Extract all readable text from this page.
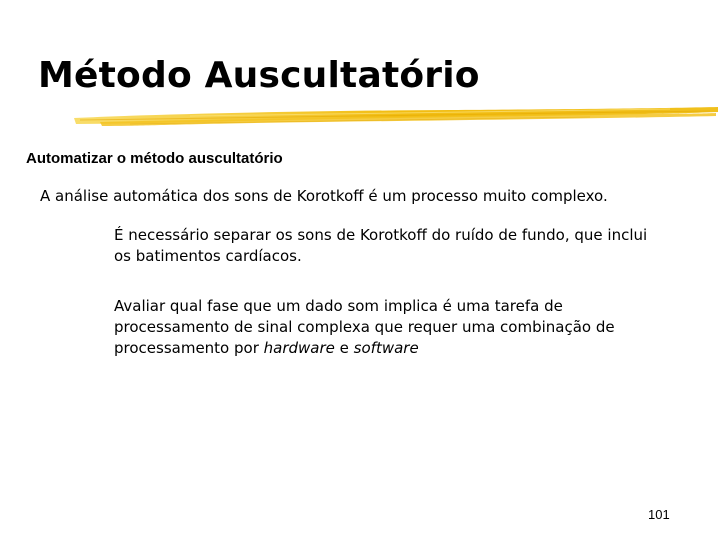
Método Auscultatório

Automatizar o método auscultatório

A análise automática dos sons de Korotkoff é um processo muito complexo.

É necessário separar os sons de Korotkoff do ruído de fundo, que inclui os batimentos cardíacos.

Avaliar qual fase que um dado som implica é uma tarefa de processamento de sinal complexa que requer uma combinação de processamento por hardware e software

101
